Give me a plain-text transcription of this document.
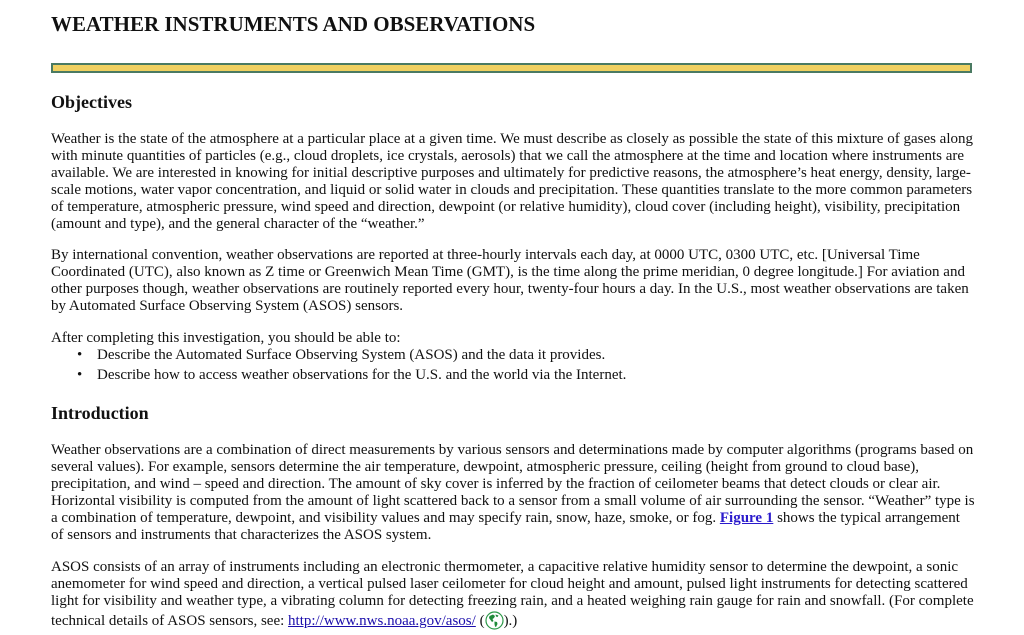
WEATHER INSTRUMENTS AND OBSERVATIONS
Objectives

Weather is the state of the atmosphere at a particular place at a given time. We must describe as closely as possible the state of this mixture of gases along
with minute quantities of particles (e.g., cloud droplets, ice crystals, aerosols) that we call the atmosphere at the time and location where instruments are
available. We are interested in knowing for initial descriptive purposes and ultimately for predictive reasons, the atmosphere’s heat energy, density, large-
scale motions, water vapor concentration, and liquid or solid water in clouds and precipitation. These quantities translate to the more common parameters
of temperature, atmospheric pressure, wind speed and direction, dewpoint (or relative humidity), cloud cover (including height), visibility, precipitation
(amount and type), and the general character of the “weather.”

By international convention, weather observations are reported at three-hourly intervals each day, at 0000 UTC, 0300 UTC, etc. [Universal Time
Coordinated (UTC), also known as Z time or Greenwich Mean Time (GMT), is the time along the prime meridian, 0 degree longitude.] For aviation and
other purposes though, weather observations are routinely reported every hour, twenty-four hours a day. In the U.S., most weather observations are taken
by Automated Surface Observing System (ASOS) sensors.

After completing this investigation, you should be able to:

• Describe the Automated Surface Observing System (ASOS) and the data it provides.
• Describe how to access weather observations for the U.S. and the world via the Internet.
Introduction

Weather observations are a combination of direct measurements by various sensors and determinations made by computer algorithms (programs based on
several values). For example, sensors determine the air temperature, dewpoint, atmospheric pressure, ceiling (height from ground to cloud base),
precipitation, and wind – speed and direction. The amount of sky cover is inferred by the fraction of ceilometer beams that detect clouds or clear air.
Horizontal visibility is computed from the amount of light scattered back to a sensor from a small volume of air surrounding the sensor. “Weather” type is
a combination of temperature, dewpoint, and visibility values and may specify rain, snow, haze, smoke, or fog. Figure 1 shows the typical arrangement
of sensors and instruments that characterizes the ASOS system.

ASOS consists of an array of instruments including an electronic thermometer, a capacitive relative humidity sensor to determine the dewpoint, a sonic
anemometer for wind speed and direction, a vertical pulsed laser ceilometer for cloud height and amount, pulsed light instruments for detecting scattered
light for visibility and weather type, a vibrating column for detecting freezing rain, and a heated weighing rain gauge for rain and snowfall. (For complete
technical details of ASOS sensors, see: http://www.nws.noaa.gov/asos/ ( ).)
